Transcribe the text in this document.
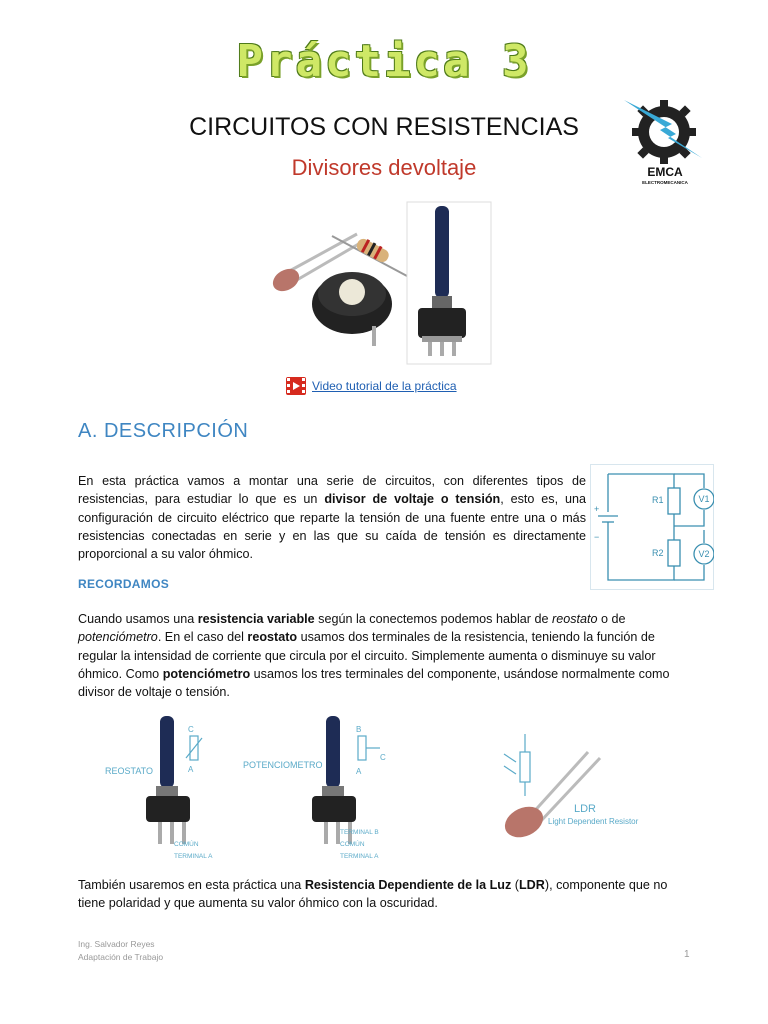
Práctica 3
CIRCUITOS CON RESISTENCIAS
Divisores devoltaje	EMCA
ELECTROMECANICA
Video tutorial de la práctica
A. DESCRIPCIÓN
En esta práctica vamos a montar una serie de circuitos, con diferentes tipos de resistencias, para estudiar lo que es un divisor de voltaje o tensión, esto es, una configuración de circuito eléctrico que reparte la tensión de una fuente entre una o más resistencias conectadas en serie y en las que su caída de tensión es directamente proporcional a su valor óhmico.
+
−
R1
R2
V1
V2
RECORDAMOS
Cuando usamos una resistencia variable según la conectemos podemos hablar de reostato o de potenciómetro. En el caso del reostato usamos dos terminales de la resistencia, teniendo la función de regular la intensidad de corriente que circula por el circuito. Simplemente aumenta o disminuye su valor óhmico. Como potenciómetro usamos los tres terminales del componente, usándose normalmente como divisor de voltaje o tensión.
REOSTATO
C
A
COMÚN
TERMINAL A
POTENCIOMETRO
B
C
A
TERMINAL B
COMÚN
TERMINAL A
LDR
Light Dependent Resistor
También usaremos en esta práctica una Resistencia Dependiente de la Luz (LDR), componente que no tiene polaridad y que aumenta su valor óhmico con la oscuridad.
Ing. Salvador Reyes
Adaptación de Trabajo	1
